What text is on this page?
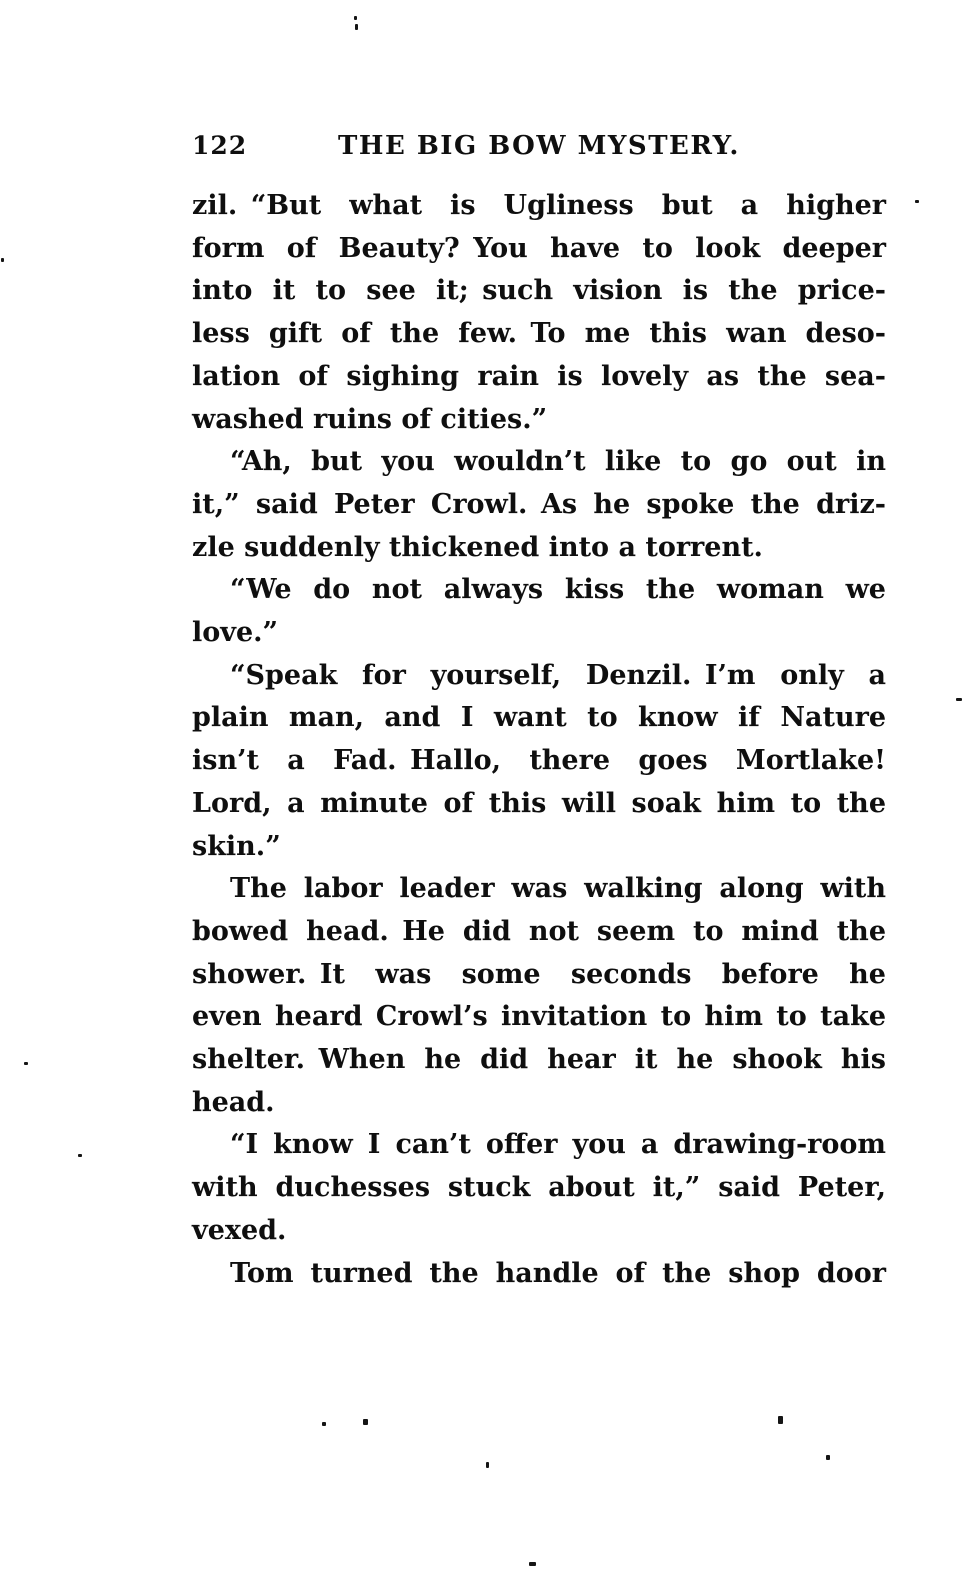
122	THE BIG BOW MYSTERY.
zil. “But what is Ugliness but a higher
form of Beauty? You have to look deeper
into it to see it; such vision is the price-
less gift of the few. To me this wan deso-
lation of sighing rain is lovely as the sea-
washed ruins of cities.”
“Ah, but you wouldn’t like to go out in
it,” said Peter Crowl. As he spoke the driz-
zle suddenly thickened into a torrent.
“We do not always kiss the woman we
love.”
“Speak for yourself, Denzil. I’m only a
plain man, and I want to know if Nature
isn’t a Fad. Hallo, there goes Mortlake!
Lord, a minute of this will soak him to the
skin.”
The labor leader was walking along with
bowed head. He did not seem to mind the
shower. It was some seconds before he
even heard Crowl’s invitation to him to take
shelter. When he did hear it he shook his
head.
“I know I can’t offer you a drawing-room
with duchesses stuck about it,” said Peter,
vexed.
Tom turned the handle of the shop door
